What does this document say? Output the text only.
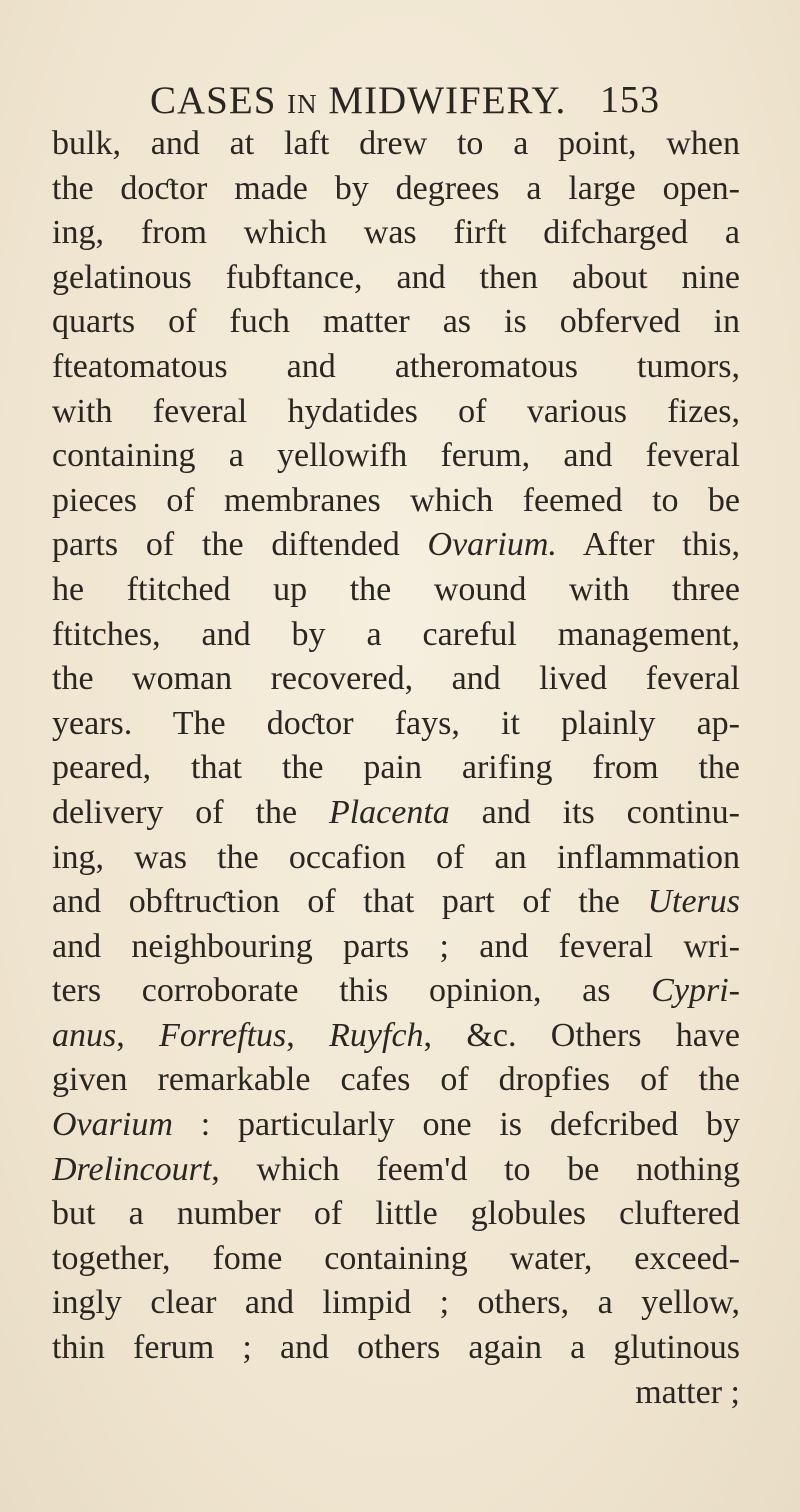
CASES IN MIDWIFERY. 153
bulk, and at laft drew to a point, when
the doƈtor made by degrees a large open-
ing, from which was firft difcharged a
gelatinous fubftance, and then about nine
quarts of fuch matter as is obferved in
fteatomatous and atheromatous tumors,
with feveral hydatides of various fizes,
containing a yellowifh ferum, and feveral
pieces of membranes which feemed to be
parts of the diftended Ovarium. After this,
he ftitched up the wound with three
ftitches, and by a careful management,
the woman recovered, and lived feveral
years. The doƈtor fays, it plainly ap-
peared, that the pain arifing from the
delivery of the Placenta and its continu-
ing, was the occafion of an inflammation
and obftruƈtion of that part of the Uterus
and neighbouring parts ; and feveral wri-
ters corroborate this opinion, as Cypri-
anus, Forreftus, Ruyfch, &c. Others have
given remarkable cafes of dropfies of the
Ovarium : particularly one is defcribed by
Drelincourt, which feem'd to be nothing
but a number of little globules cluftered
together, fome containing water, exceed-
ingly clear and limpid ; others, a yellow,
thin ferum ; and others again a glutinous
matter ;
